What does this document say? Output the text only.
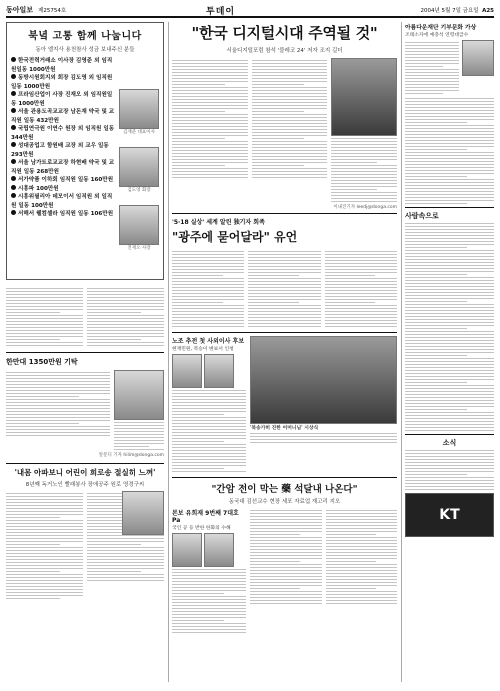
동아일보 제25754호	투데이	2004년 5월 7일 금요일 A25
북녘 고통 함께 나눕니다
동아 엘지사 용천참사 성금 보내주신 분들
한국전력거래소 이사장 김영준 외 임직원일동 1000만원
동방시원회지외 회장 김도영 외 임직원일동 1000만원
프라임산업이 사장 진재오 외 임직원일동 1000만원
서울 관용도곡교교장 남돈재 약국 및 교직원 일동 432만원
국립연극원 이연수 원장 외 임직원 일동 344만원
성대공업고 함원배 교장 외 교우 일동 293만원
서울 남가트로교교장 하현배 약국 및 교직원 일동 268만원
서가약품 이하회 임직원 일동 160만원
시흥파 100만원
시흥위필리아 데모이서 임직원 외 일직원 일동 100만원
서해서 웰컴셀라 임직원 일동 106만원
김재준 대표이사
김도영 회장
진재오 사장
한만대 1350만원 기탁
알문디 기자 hilim@donga.com
'내몸 아파보니 어린이 희로송 절실히 느껴'
8년째 독거노인 빨래봉사 장애공주 원로 영경구씨
"한국 디지털시대 주역될 것"
서울디지털포럼 참석 '블레코 24' 저자 조지 길더
이내진기자 leedj@donga.com
'5·18 실상' 세계 알린 独기자 회족
"광주에 묻어달라" 유언
노조 추전 첫 사외이사 후보
현재민원, 복승이 변보서 인청
'북송가히 진한 어머니님' 시상식
"간암 전이 막는 藥 석달내 나온다"
동국대 김선교수 현장 세포 자료업 재고리 지오
본보 유희재 9번째 7대호 Pa
국인 공 등 반한 한화의 수해
아름다운재단 기부문화 가상
조태소자에 예충석 연령대급수
사람속으로
소식
KT
